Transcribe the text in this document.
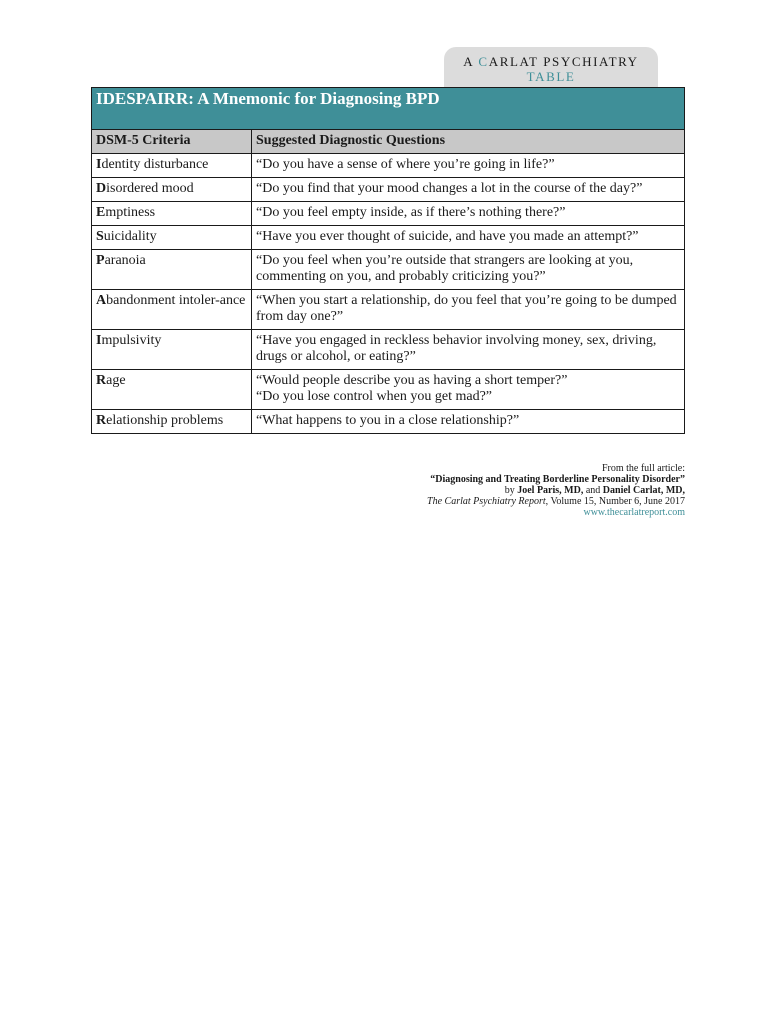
A CARLAT PSYCHIATRY
TABLE
IDESPAIRR: A Mnemonic for Diagnosing BPD	
DSM-5 Criteria	Suggested Diagnostic Questions
Identity disturbance	“Do you have a sense of where you’re going in life?”

Disordered mood	“Do you find that your mood changes a lot in the course of the day?”

Emptiness	“Do you feel empty inside, as if there’s nothing there?”

Suicidality	“Have you ever thought of suicide, and have you made an attempt?”

Paranoia	“Do you feel when you’re outside that strangers are looking at you, commenting on you, and probably criticizing you?”

Abandonment intoler-ance	“When you start a relationship, do you feel that you’re going to be dumped from day one?”

Impulsivity	“Have you engaged in reckless behavior involving money, sex, driving, drugs or alcohol, or eating?”

Rage	“Would people describe you as having a short temper?”
“Do you lose control when you get mad?”

Relationship problems	“What happens to you in a close relationship?”
From the full article:
“Diagnosing and Treating Borderline Personality Disorder”
by Joel Paris, MD, and Daniel Carlat, MD,
The Carlat Psychiatry Report, Volume 15, Number 6, June 2017
www.thecarlatreport.com
